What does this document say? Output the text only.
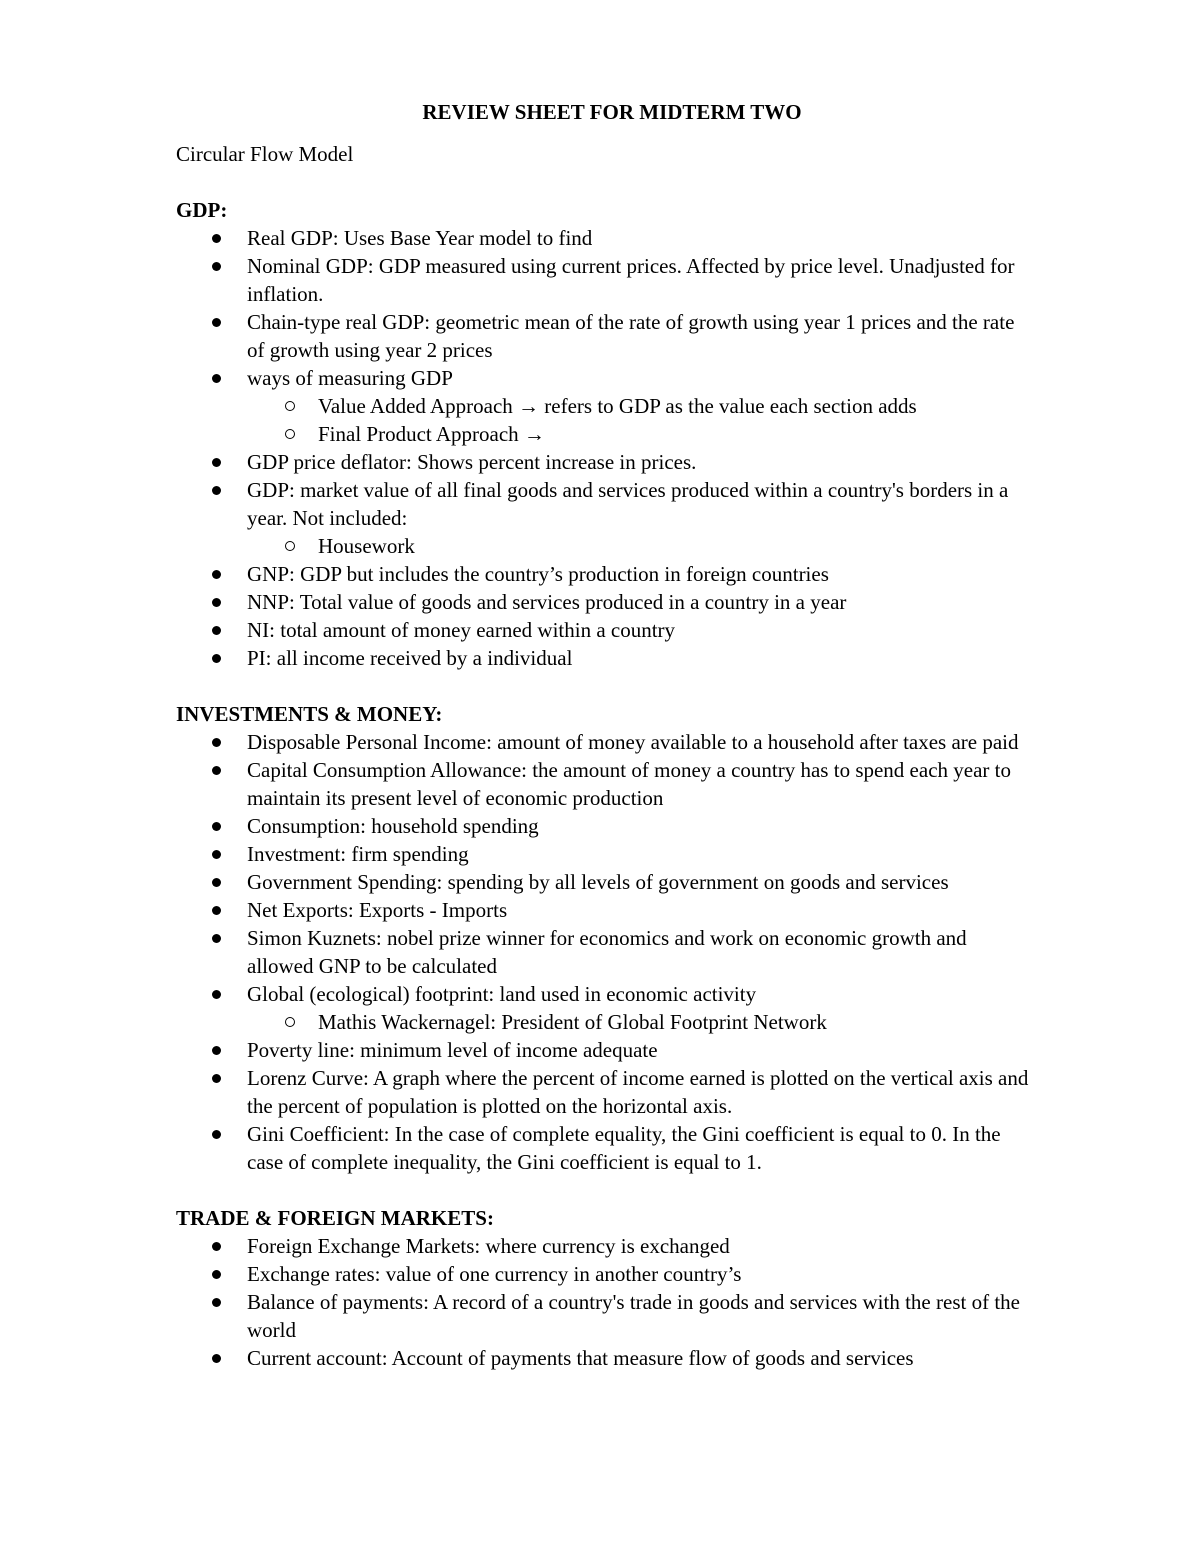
REVIEW SHEET FOR MIDTERM TWO
Circular Flow Model
GDP:
Real GDP: Uses Base Year model to find
Nominal GDP: GDP measured using current prices. Affected by price level. Unadjusted for inflation.
Chain-type real GDP: geometric mean of the rate of growth using year 1 prices and the rate of growth using year 2 prices
ways of measuring GDP
Value Added Approach → refers to GDP as the value each section adds
Final Product Approach →
GDP price deflator: Shows percent increase in prices.
GDP: market value of all final goods and services produced within a country's borders in a year. Not included:
Housework
GNP: GDP but includes the country’s production in foreign countries
NNP: Total value of goods and services produced in a country in a year
NI: total amount of money earned within a country
PI: all income received by a individual
INVESTMENTS & MONEY:
Disposable Personal Income: amount of money available to a household after taxes are paid
Capital Consumption Allowance: the amount of money a country has to spend each year to maintain its present level of economic production
Consumption: household spending
Investment: firm spending
Government Spending: spending by all levels of government on goods and services
Net Exports: Exports - Imports
Simon Kuznets: nobel prize winner for economics and work on economic growth and allowed GNP to be calculated
Global (ecological) footprint: land used in economic activity
Mathis Wackernagel: President of Global Footprint Network
Poverty line: minimum level of income adequate
Lorenz Curve: A graph where the percent of income earned is plotted on the vertical axis and the percent of population is plotted on the horizontal axis.
Gini Coefficient: In the case of complete equality, the Gini coefficient is equal to 0. In the case of complete inequality, the Gini coefficient is equal to 1.
TRADE & FOREIGN MARKETS:
Foreign Exchange Markets: where currency is exchanged
Exchange rates: value of one currency in another country’s
Balance of payments: A record of a country's trade in goods and services with the rest of the world
Current account: Account of payments that measure flow of goods and services
